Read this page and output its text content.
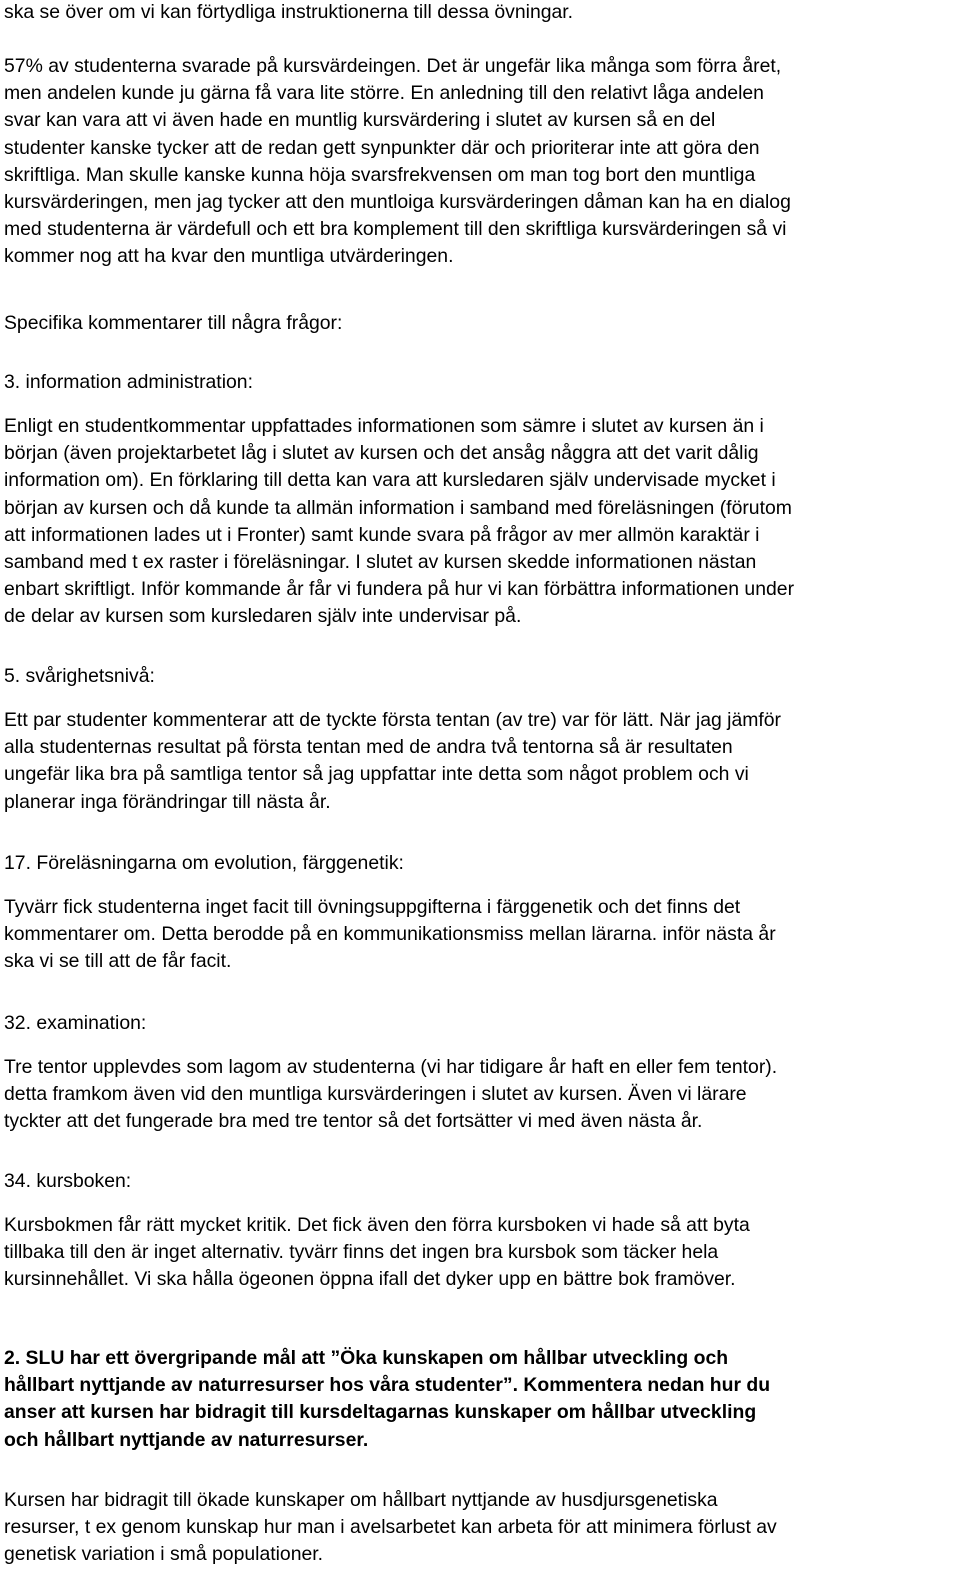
ska se över om vi kan förtydliga instruktionerna till dessa övningar.
57% av studenterna svarade på kursvärdeingen. Det är ungefär lika många som förra året,
men andelen kunde ju gärna få vara lite större. En anledning till den relativt låga andelen
svar kan vara att vi även hade en muntlig kursvärdering i slutet av kursen så en del
studenter kanske tycker att de redan gett synpunkter där och prioriterar inte att göra den
skriftliga. Man skulle kanske kunna höja svarsfrekvensen om man tog bort den muntliga
kursvärderingen, men jag tycker att den muntloiga kursvärderingen dåman kan ha en dialog
med studenterna är värdefull och ett bra komplement till den skriftliga kursvärderingen så vi
kommer nog att ha kvar den muntliga utvärderingen.
Specifika kommentarer till några frågor:
3. information administration:
Enligt en studentkommentar uppfattades informationen som sämre i slutet av kursen än i
början (även projektarbetet låg i slutet av kursen och det ansåg någgra att det varit dålig
information om). En förklaring till detta kan vara att kursledaren själv undervisade mycket i
början av kursen och då kunde ta allmän information i samband med föreläsningen (förutom
att informationen lades ut i Fronter) samt kunde svara på frågor av mer allmön karaktär i
samband med t ex raster i föreläsningar. I slutet av kursen skedde informationen nästan
enbart skriftligt. Inför kommande år får vi fundera på hur vi kan förbättra informationen under
de delar av kursen som kursledaren själv inte undervisar på.
5. svårighetsnivå:
Ett par studenter kommenterar att de tyckte första tentan (av tre) var för lätt. När jag jämför
alla studenternas resultat på första tentan med de andra två tentorna så är resultaten
ungefär lika bra på samtliga tentor så jag uppfattar inte detta som något problem och vi
planerar inga förändringar till nästa år.
17. Föreläsningarna om evolution, färggenetik:
Tyvärr fick studenterna inget facit till övningsuppgifterna i färggenetik och det finns det
kommentarer om. Detta berodde på en kommunikationsmiss mellan lärarna. inför nästa år
ska vi se till att de får facit.
32. examination:
Tre tentor upplevdes som lagom av studenterna (vi har tidigare år haft en eller fem tentor).
detta framkom även vid den muntliga kursvärderingen i slutet av kursen. Även vi lärare
tyckter att det fungerade bra med tre tentor så det fortsätter vi med även nästa år.
34. kursboken:
Kursbokmen får rätt mycket kritik. Det fick även den förra kursboken vi hade så att byta
tillbaka till den är inget alternativ. tyvärr finns det ingen bra kursbok som täcker hela
kursinnehållet. Vi ska hålla ögeonen öppna ifall det dyker upp en bättre bok framöver.
2. SLU har ett övergripande mål att ”Öka kunskapen om hållbar utveckling och
hållbart nyttjande av naturresurser hos våra studenter”. Kommentera nedan hur du
anser att kursen har bidragit till kursdeltagarnas kunskaper om hållbar utveckling
och hållbart nyttjande av naturresurser.
Kursen har bidragit till ökade kunskaper om hållbart nyttjande av husdjursgenetiska
resurser, t ex genom kunskap hur man i avelsarbetet kan arbeta för att minimera förlust av
genetisk variation i små populationer.
